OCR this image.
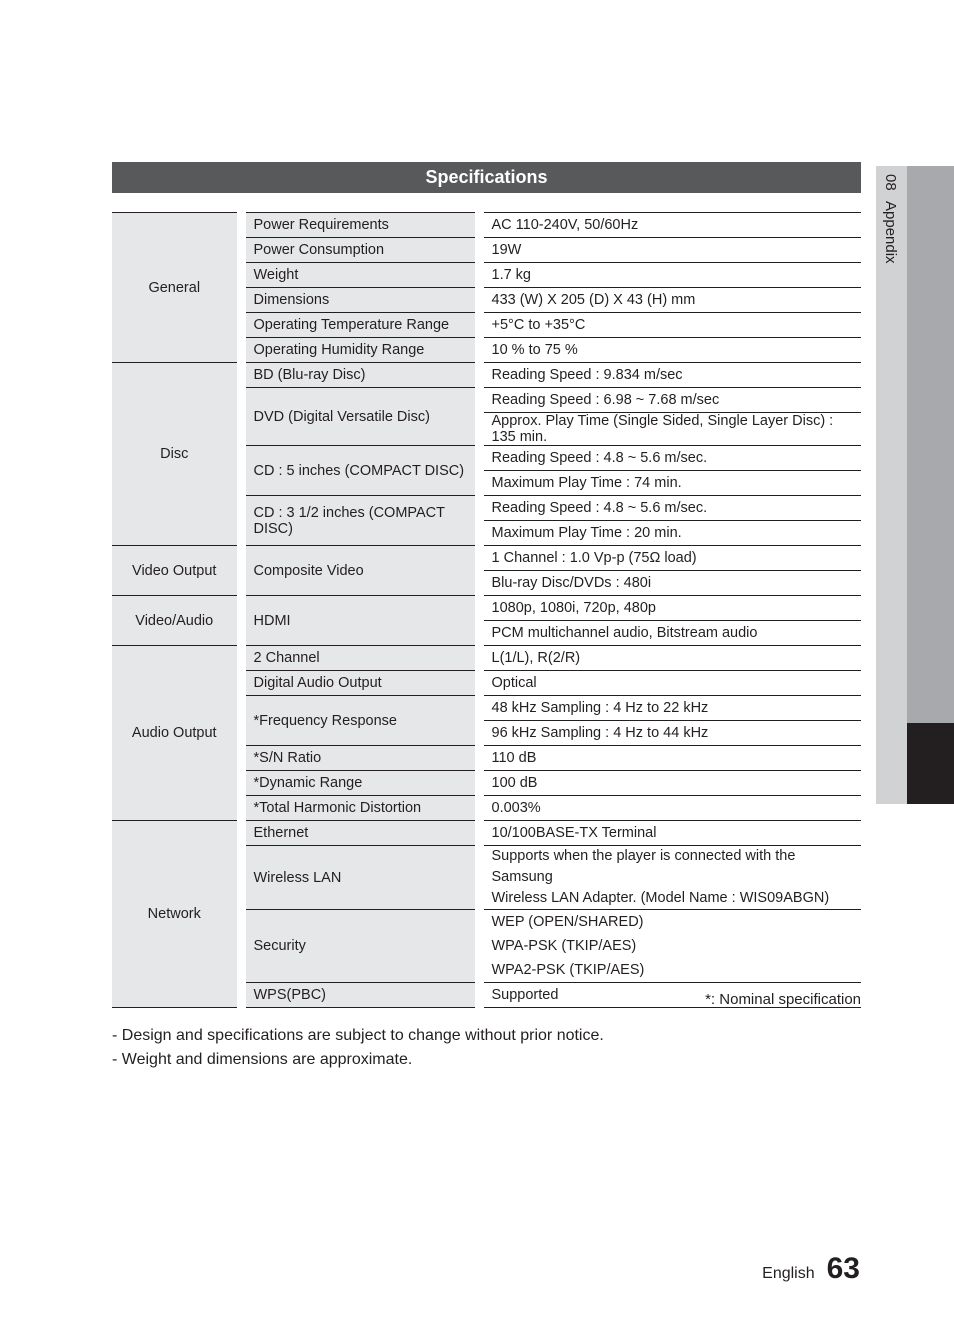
08Appendix
Specifications
General	Power Requirements	AC 110-240V, 50/60Hz
	Power Consumption	19W
	Weight	1.7 kg
	Dimensions	433 (W) X 205 (D) X 43 (H) mm
	Operating Temperature Range	+5°C to +35°C
	Operating Humidity Range	10 % to 75 %
Disc	BD (Blu-ray Disc)	Reading Speed : 9.834 m/sec
	DVD (Digital Versatile Disc)	Reading Speed : 6.98 ~ 7.68 m/sec
		Approx. Play Time (Single Sided, Single Layer Disc) : 135 min.
	CD : 5 inches (COMPACT DISC)	Reading Speed : 4.8 ~ 5.6 m/sec.
		Maximum Play Time : 74 min.
	CD : 3 1/2 inches (COMPACT DISC)	Reading Speed : 4.8 ~ 5.6 m/sec.
		Maximum Play Time : 20 min.
Video Output	Composite Video	1 Channel : 1.0 Vp-p (75Ω load)
		Blu-ray Disc/DVDs : 480i
Video/Audio	HDMI	1080p, 1080i, 720p, 480p
		PCM multichannel audio, Bitstream audio
Audio Output	2 Channel	L(1/L), R(2/R)
	Digital Audio Output	Optical
	*Frequency Response	48 kHz Sampling : 4 Hz to 22 kHz
		96 kHz Sampling : 4 Hz to 44 kHz
	*S/N Ratio	110 dB
	*Dynamic Range	100 dB
	*Total Harmonic Distortion	0.003%
Network	Ethernet	10/100BASE-TX Terminal
	Wireless LAN	Supports when the player is connected with the Samsung
Wireless LAN Adapter. (Model Name : WIS09ABGN)

	Security	WEP (OPEN/SHARED)
WPA-PSK (TKIP/AES)
WPA2-PSK (TKIP/AES)

	WPS(PBC)	Supported	*: Nominal specification
- Design and specifications are subject to change without prior notice.
- Weight and dimensions are approximate.
English 63
